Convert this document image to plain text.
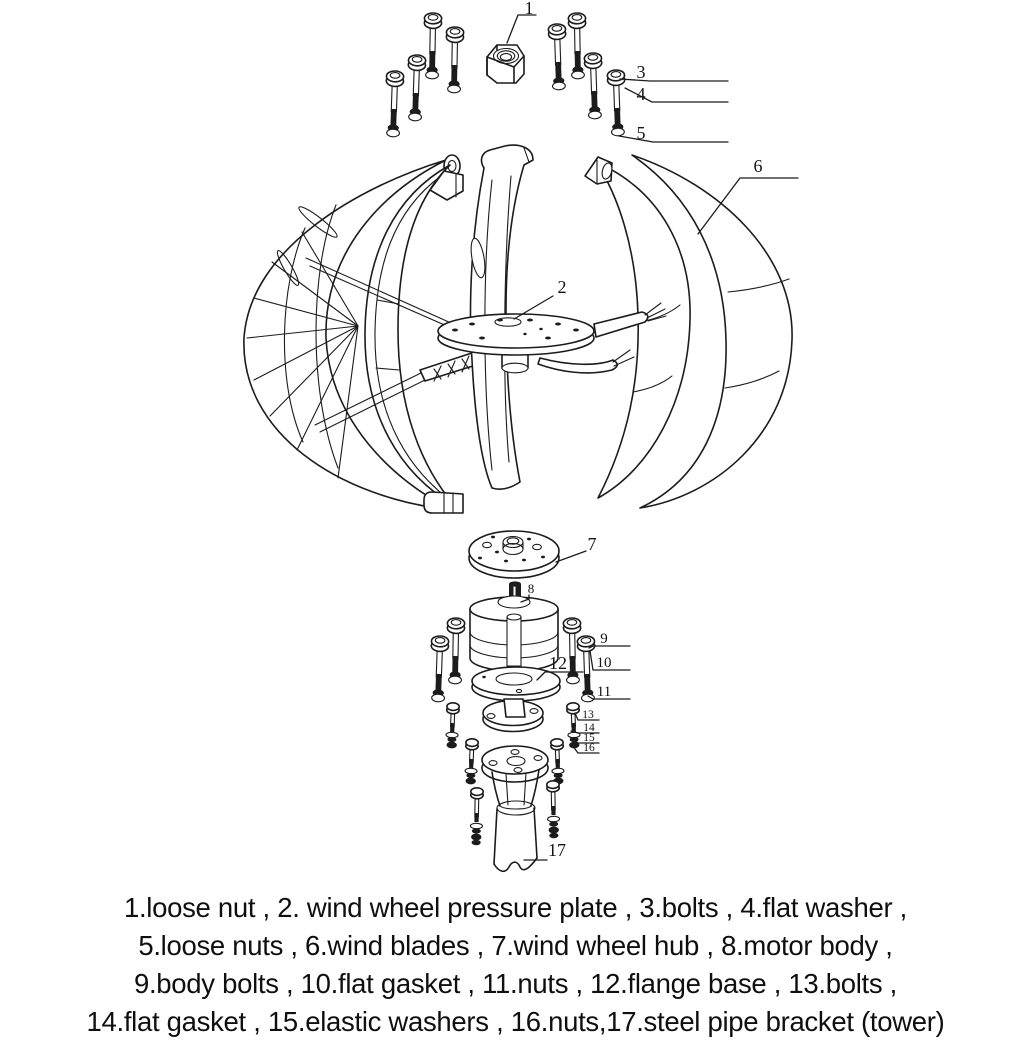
1
2
3
4
5
6
7
8
9
10
11
12
13
14
15
16
17
1.loose nut , 2. wind wheel pressure plate , 3.bolts , 4.flat washer ,
5.loose nuts , 6.wind blades , 7.wind wheel hub , 8.motor body ,
9.body bolts , 10.flat gasket , 11.nuts , 12.flange base , 13.bolts ,
14.flat gasket , 15.elastic washers , 16.nuts,17.steel pipe bracket (tower)
